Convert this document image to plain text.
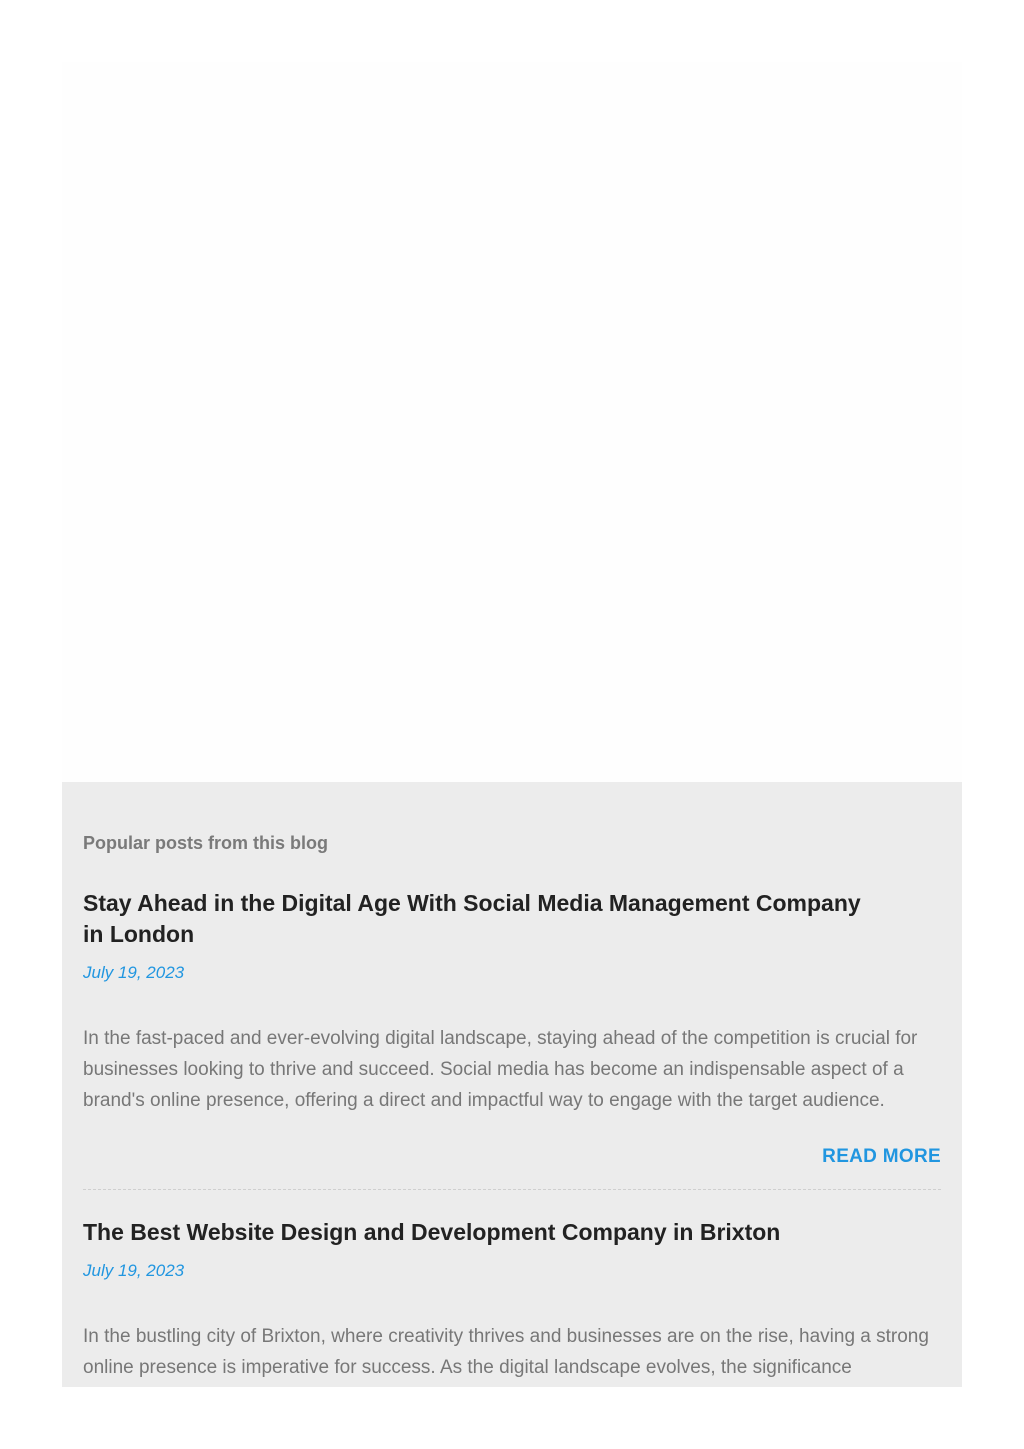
Popular posts from this blog
Stay Ahead in the Digital Age With Social Media Management Company in London
July 19, 2023

In the fast-paced and ever-evolving digital landscape, staying ahead of the competition is crucial for businesses looking to thrive and succeed. Social media has become an indispensable aspect of a brand's online presence, offering a direct and impactful way to engage with the target audience.

READ MORE
The Best Website Design and Development Company in Brixton
July 19, 2023

In the bustling city of Brixton, where creativity thrives and businesses are on the rise, having a strong online presence is imperative for success. As the digital landscape evolves, the significance
